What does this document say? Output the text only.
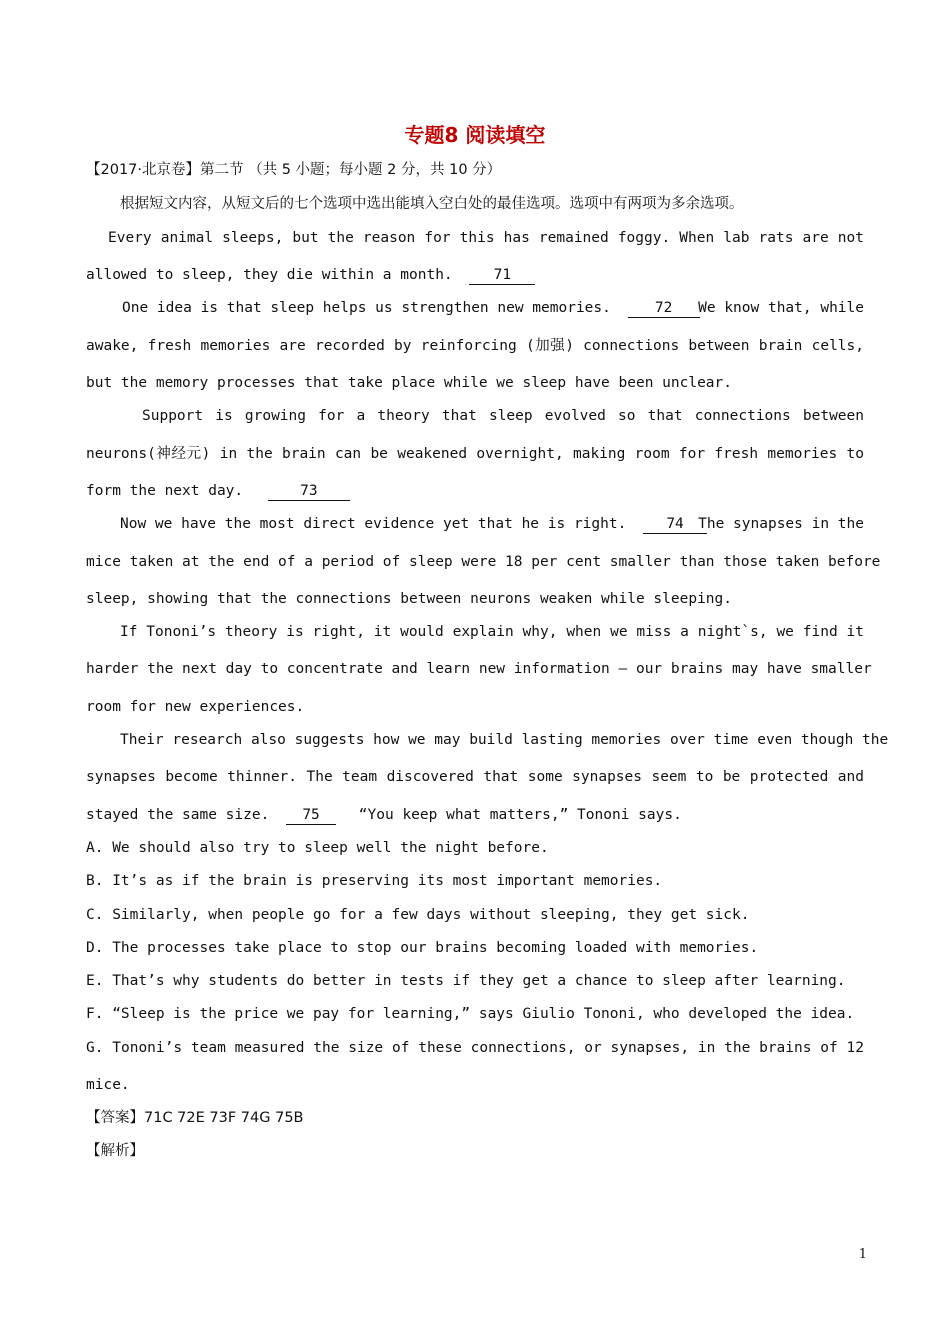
专题8 阅读填空
【2017·北京卷】第二节 （共 5 小题；每小题 2 分，共 10 分）
根据短文内容，从短文后的七个选项中选出能填入空白处的最佳选项。选项中有两项为多余选项。
Every animal sleeps, but the reason for this has remained foggy. When lab rats are not
allowed to sleep, they die within a month.	71
One idea is that sleep helps us strengthen new memories.	72 We know that, while
awake, fresh memories are recorded by reinforcing (加强) connections between brain cells,
but the memory processes that take place while we sleep have been unclear.
Support is growing for a theory that sleep evolved so that connections between
neurons(神经元) in the brain can be weakened overnight, making room for fresh memories to
form the next day.	73
Now we have the most direct evidence yet that he is right.	74 The synapses in the
mice taken at the end of a period of sleep were 18 per cent smaller than those taken before
sleep, showing that the connections between neurons weaken while sleeping.
If Tononi’s theory is right, it would explain why, when we miss a night`s, we find it
harder the next day to concentrate and learn new information — our brains may have smaller
room for new experiences.
Their research also suggests how we may build lasting memories over time even though the
synapses become thinner. The team discovered that some synapses seem to be protected and
stayed the same size. 75	“You keep what matters,” Tononi says.
A. We should also try to sleep well the night before.
B. It’s as if the brain is preserving its most important memories.
C. Similarly, when people go for a few days without sleeping, they get sick.
D. The processes take place to stop our brains becoming loaded with memories.
E. That’s why students do better in tests if they get a chance to sleep after learning.
F. “Sleep is the price we pay for learning,” says Giulio Tononi, who developed the idea.
G. Tononi’s team measured the size of these connections, or synapses, in the brains of 12
mice.
【答案】71C 72E 73F 74G 75B
【解析】
1
